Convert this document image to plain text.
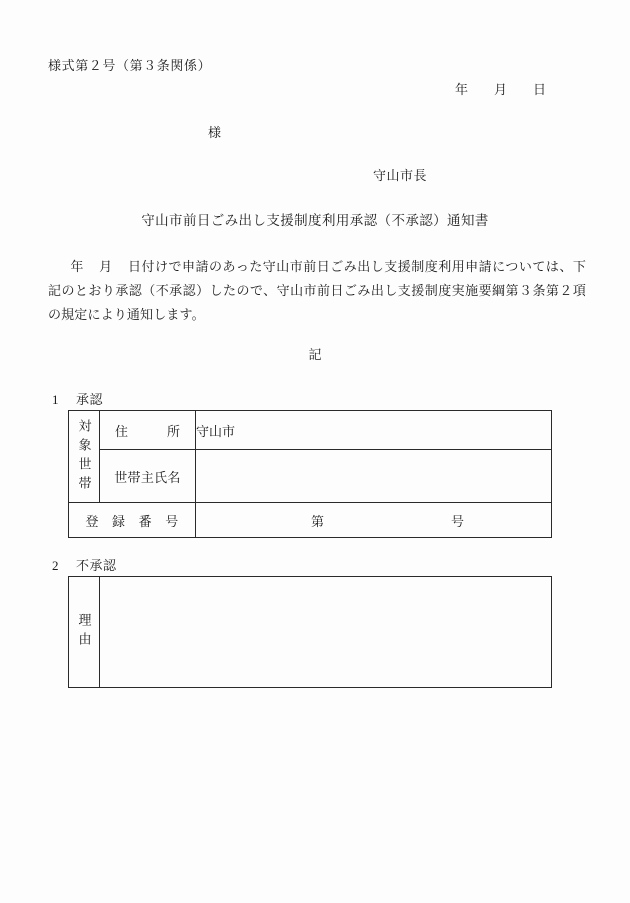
様式第２号（第３条関係）
年 月 日
様
守山市長
守山市前日ごみ出し支援制度利用承認（不承認）通知書
年 月 日付けで申請のあった守山市前日ごみ出し支援制度利用申請については、下記のとおり承認（不承認）したので、守山市前日ごみ出し支援制度実施要綱第３条第２項の規定により通知します。
記
1 承認
対象世帯	住　　　所	守山市
	世帯主氏名	
登　録　番　号		第 号
2 不承認
理由
